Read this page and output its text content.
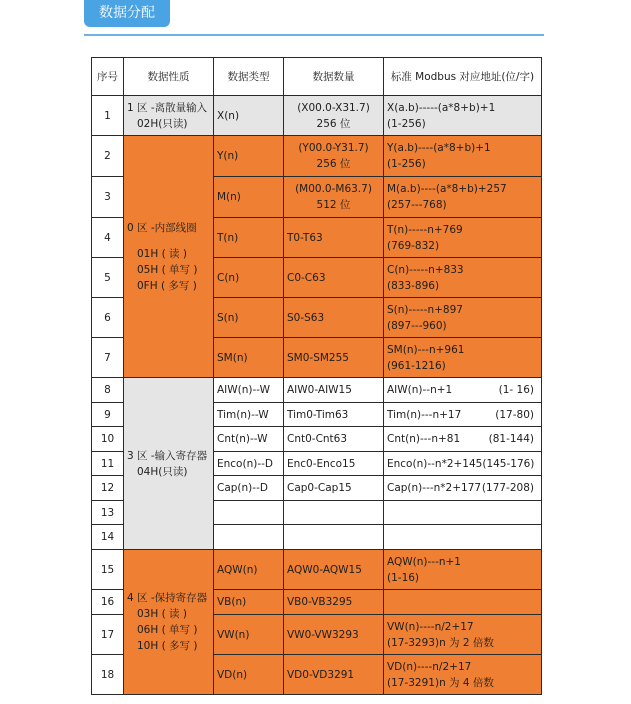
数据分配
序号	数据性质	数据类型	数据数量	标准 Modbus 对应地址(位/字)
1	1 区 -离散量输入
02H(只读)	X(n)	(X00.0-X31.7)
256 位	X(a.b)-----(a*8+b)+1
(1-256)

2	0 区 -内部线圈
01H ( 读 )
05H ( 单写 )
0FH ( 多写 )	Y(n)	(Y00.0-Y31.7)
256 位	Y(a.b)----(a*8+b)+1
(1-256)

3		M(n)	(M00.0-M63.7)
512 位	M(a.b)----(a*8+b)+257
(257---768)

4		T(n)	T0-T63	T(n)-----n+769
(769-832)

5		C(n)	C0-C63	C(n)-----n+833
(833-896)

6		S(n)	S0-S63	S(n)-----n+897
(897---960)

7		SM(n)	SM0-SM255	SM(n)---n+961
(961-1216)

8	3 区 -输入寄存器
04H(只读)	AIW(n)--W	AIW0-AIW15	AIW(n)--n+1 (1- 16)

9		Tim(n)--W	Tim0-Tim63	Tim(n)---n+17 (17-80)

10		Cnt(n)--W	Cnt0-Cnt63	Cnt(n)---n+81 (81-144)

11		Enco(n)--D	Enc0-Enco15	Enco(n)--n*2+145 (145-176)

12		Cap(n)--D	Cap0-Cap15	Cap(n)---n*2+177 (177-208)

13				
14				
15	4 区 -保持寄存器
03H ( 读 )
06H ( 单写 )
10H ( 多写 )	AQW(n)	AQW0-AQW15	AQW(n)---n+1
(1-16)

16		VB(n)	VB0-VB3295	
17		VW(n)	VW0-VW3293	VW(n)----n/2+17
(17-3293)n 为 2 倍数

18		VD(n)	VD0-VD3291	VD(n)----n/2+17
(17-3291)n 为 4 倍数
